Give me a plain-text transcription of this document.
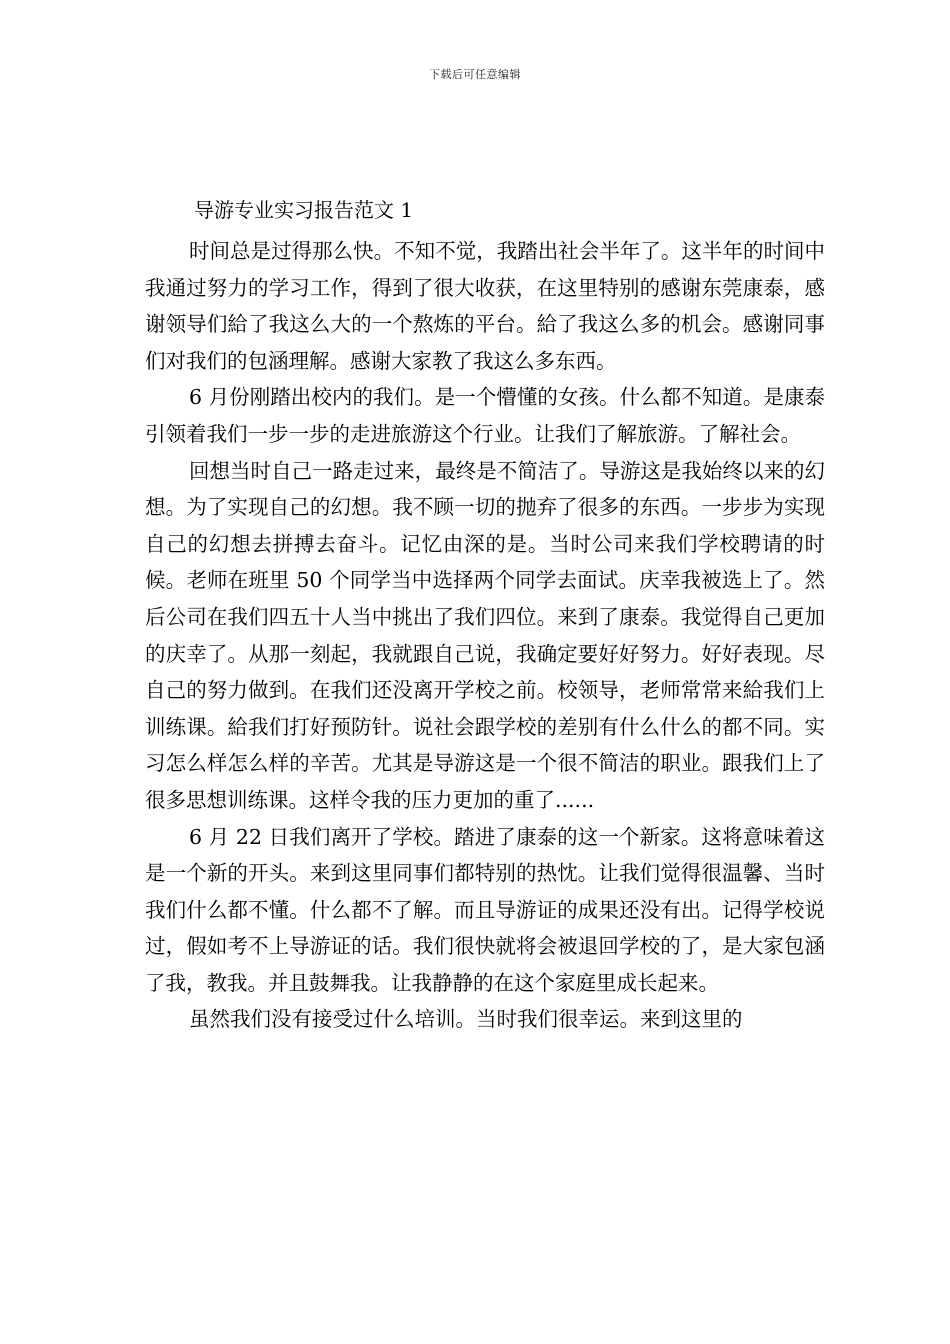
下载后可任意编辑
导游专业实习报告范文 1

时间总是过得那么快。不知不觉，我踏出社会半年了。这半年的时间中我通过努力的学习工作，得到了很大收获，在这里特别的感谢东莞康泰，感谢领导们給了我这么大的一个熬炼的平台。給了我这么多的机会。感谢同事们对我们的包涵理解。感谢大家教了我这么多东西。

6 月份刚踏出校内的我们。是一个懵懂的女孩。什么都不知道。是康泰引领着我们一步一步的走进旅游这个行业。让我们了解旅游。了解社会。

回想当时自己一路走过来，最终是不简洁了。导游这是我始终以来的幻想。为了实现自己的幻想。我不顾一切的抛弃了很多的东西。一步步为实现自己的幻想去拼搏去奋斗。记忆由深的是。当时公司来我们学校聘请的时候。老师在班里 50 个同学当中选择两个同学去面试。庆幸我被选上了。然后公司在我们四五十人当中挑出了我们四位。来到了康泰。我觉得自己更加的庆幸了。从那一刻起，我就跟自己说，我确定要好好努力。好好表现。尽自己的努力做到。在我们还没离开学校之前。校领导，老师常常来給我们上训练课。給我们打好预防针。说社会跟学校的差别有什么什么的都不同。实习怎么样怎么样的辛苦。尤其是导游这是一个很不简洁的职业。跟我们上了很多思想训练课。这样令我的压力更加的重了......

6 月 22 日我们离开了学校。踏进了康泰的这一个新家。这将意味着这是一个新的开头。来到这里同事们都特别的热忱。让我们觉得很温馨、当时我们什么都不懂。什么都不了解。而且导游证的成果还没有出。记得学校说过，假如考不上导游证的话。我们很快就将会被退回学校的了，是大家包涵了我，教我。并且鼓舞我。让我静静的在这个家庭里成长起来。

虽然我们没有接受过什么培训。当时我们很幸运。来到这里的
